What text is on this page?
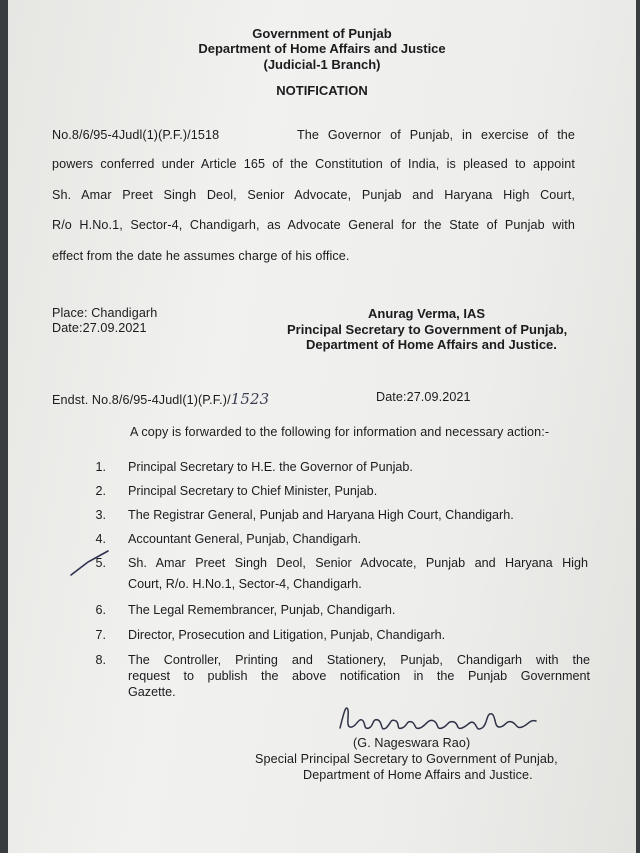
Government of Punjab
Department of Home Affairs and Justice
(Judicial-1 Branch)
NOTIFICATION
No.8/6/95-4Judl(1)(P.F.)/1518	The Governor of Punjab, in exercise of the
powers conferred under Article 165 of the Constitution of India, is pleased to appoint
Sh. Amar Preet Singh Deol, Senior Advocate, Punjab and Haryana High Court,
R/o H.No.1, Sector-4, Chandigarh, as Advocate General for the State of Punjab with
effect from the date he assumes charge of his office.
Place: Chandigarh
Date:27.09.2021
Anurag Verma, IAS
Principal Secretary to Government of Punjab,
Department of Home Affairs and Justice.
Endst. No.8/6/95-4Judl(1)(P.F.)/1523	Date:27.09.2021
A copy is forwarded to the following for information and necessary action:-
1. Principal Secretary to H.E. the Governor of Punjab.
2. Principal Secretary to Chief Minister, Punjab.
3. The Registrar General, Punjab and Haryana High Court, Chandigarh.
4. Accountant General, Punjab, Chandigarh.
5. Sh. Amar Preet Singh Deol, Senior Advocate, Punjab and Haryana High
Court, R/o. H.No.1, Sector-4, Chandigarh.
6. The Legal Remembrancer, Punjab, Chandigarh.
7. Director, Prosecution and Litigation, Punjab, Chandigarh.
8. The Controller, Printing and Stationery, Punjab, Chandigarh with the
request to publish the above notification in the Punjab Government
Gazette.
(G. Nageswara Rao)
Special Principal Secretary to Government of Punjab,
Department of Home Affairs and Justice.
